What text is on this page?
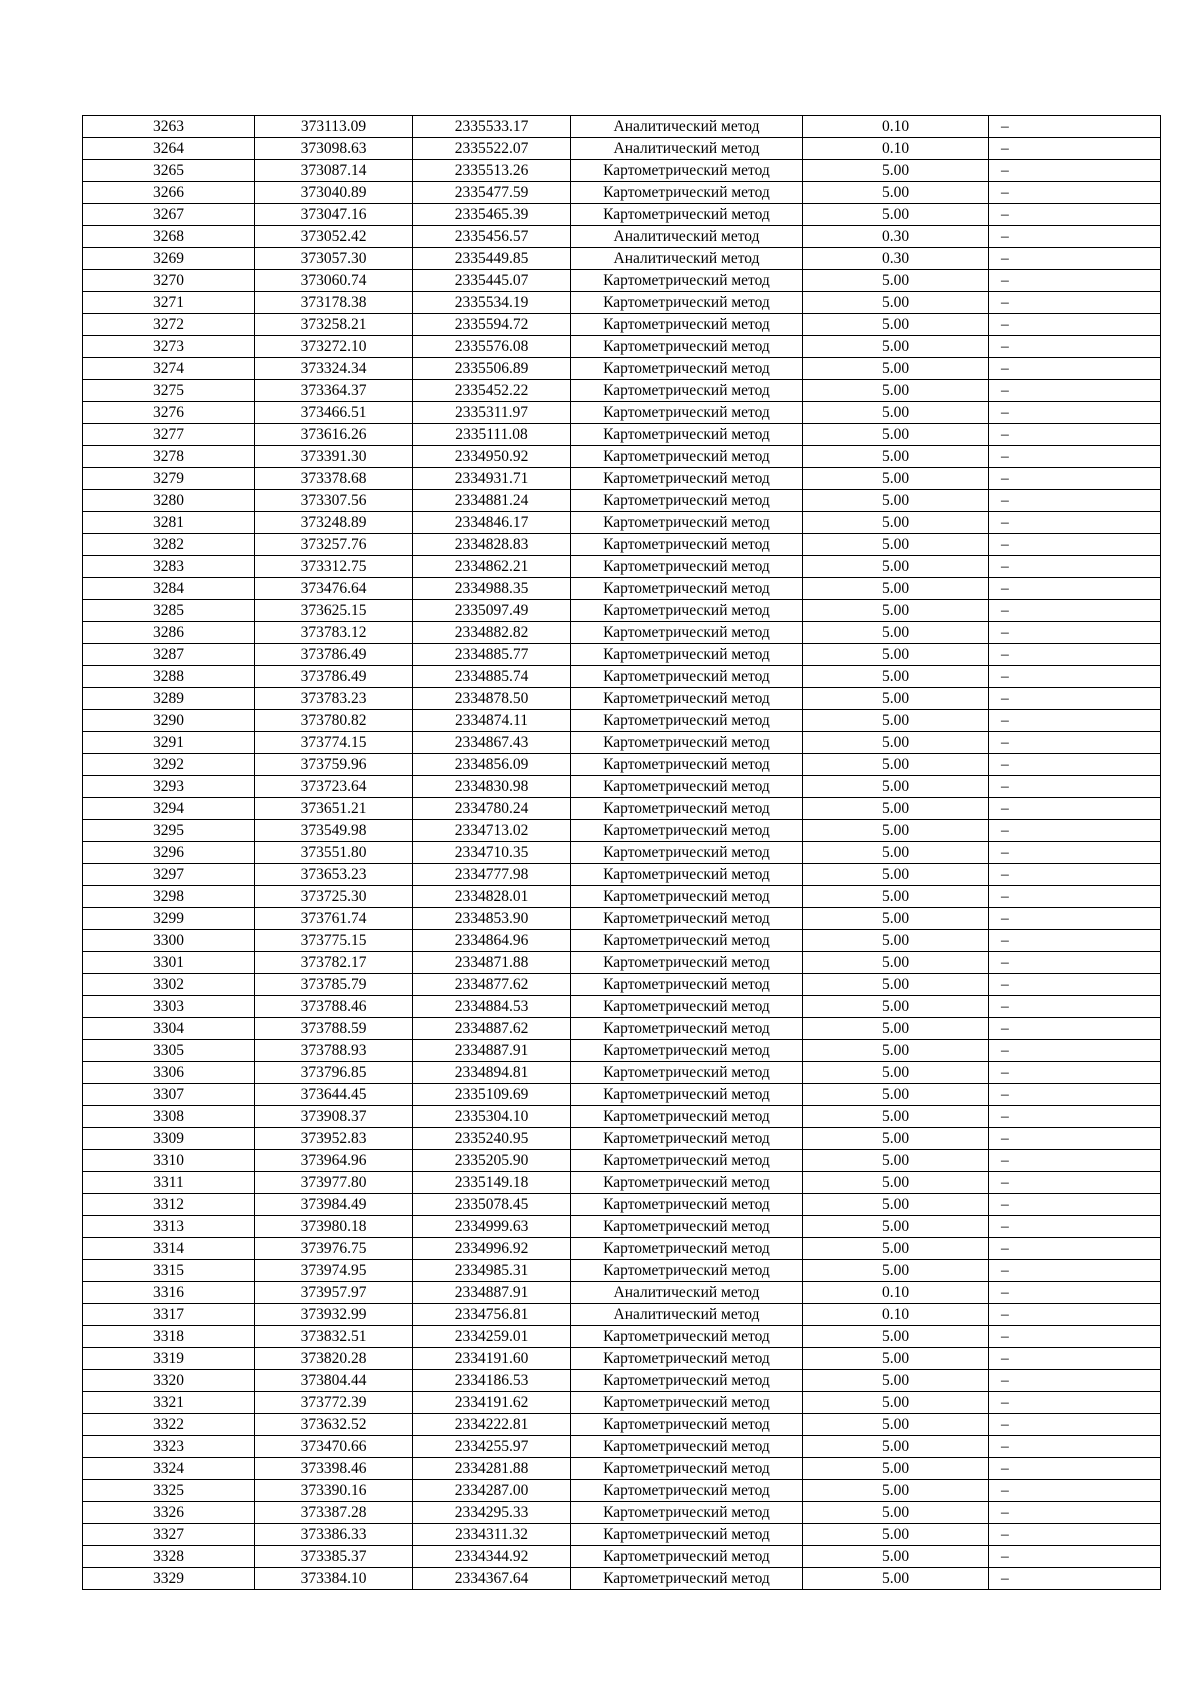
3263	373113.09	2335533.17	Аналитический метод	0.10	–
3264	373098.63	2335522.07	Аналитический метод	0.10	–
3265	373087.14	2335513.26	Картометрический метод	5.00	–
3266	373040.89	2335477.59	Картометрический метод	5.00	–
3267	373047.16	2335465.39	Картометрический метод	5.00	–
3268	373052.42	2335456.57	Аналитический метод	0.30	–
3269	373057.30	2335449.85	Аналитический метод	0.30	–
3270	373060.74	2335445.07	Картометрический метод	5.00	–
3271	373178.38	2335534.19	Картометрический метод	5.00	–
3272	373258.21	2335594.72	Картометрический метод	5.00	–
3273	373272.10	2335576.08	Картометрический метод	5.00	–
3274	373324.34	2335506.89	Картометрический метод	5.00	–
3275	373364.37	2335452.22	Картометрический метод	5.00	–
3276	373466.51	2335311.97	Картометрический метод	5.00	–
3277	373616.26	2335111.08	Картометрический метод	5.00	–
3278	373391.30	2334950.92	Картометрический метод	5.00	–
3279	373378.68	2334931.71	Картометрический метод	5.00	–
3280	373307.56	2334881.24	Картометрический метод	5.00	–
3281	373248.89	2334846.17	Картометрический метод	5.00	–
3282	373257.76	2334828.83	Картометрический метод	5.00	–
3283	373312.75	2334862.21	Картометрический метод	5.00	–
3284	373476.64	2334988.35	Картометрический метод	5.00	–
3285	373625.15	2335097.49	Картометрический метод	5.00	–
3286	373783.12	2334882.82	Картометрический метод	5.00	–
3287	373786.49	2334885.77	Картометрический метод	5.00	–
3288	373786.49	2334885.74	Картометрический метод	5.00	–
3289	373783.23	2334878.50	Картометрический метод	5.00	–
3290	373780.82	2334874.11	Картометрический метод	5.00	–
3291	373774.15	2334867.43	Картометрический метод	5.00	–
3292	373759.96	2334856.09	Картометрический метод	5.00	–
3293	373723.64	2334830.98	Картометрический метод	5.00	–
3294	373651.21	2334780.24	Картометрический метод	5.00	–
3295	373549.98	2334713.02	Картометрический метод	5.00	–
3296	373551.80	2334710.35	Картометрический метод	5.00	–
3297	373653.23	2334777.98	Картометрический метод	5.00	–
3298	373725.30	2334828.01	Картометрический метод	5.00	–
3299	373761.74	2334853.90	Картометрический метод	5.00	–
3300	373775.15	2334864.96	Картометрический метод	5.00	–
3301	373782.17	2334871.88	Картометрический метод	5.00	–
3302	373785.79	2334877.62	Картометрический метод	5.00	–
3303	373788.46	2334884.53	Картометрический метод	5.00	–
3304	373788.59	2334887.62	Картометрический метод	5.00	–
3305	373788.93	2334887.91	Картометрический метод	5.00	–
3306	373796.85	2334894.81	Картометрический метод	5.00	–
3307	373644.45	2335109.69	Картометрический метод	5.00	–
3308	373908.37	2335304.10	Картометрический метод	5.00	–
3309	373952.83	2335240.95	Картометрический метод	5.00	–
3310	373964.96	2335205.90	Картометрический метод	5.00	–
3311	373977.80	2335149.18	Картометрический метод	5.00	–
3312	373984.49	2335078.45	Картометрический метод	5.00	–
3313	373980.18	2334999.63	Картометрический метод	5.00	–
3314	373976.75	2334996.92	Картометрический метод	5.00	–
3315	373974.95	2334985.31	Картометрический метод	5.00	–
3316	373957.97	2334887.91	Аналитический метод	0.10	–
3317	373932.99	2334756.81	Аналитический метод	0.10	–
3318	373832.51	2334259.01	Картометрический метод	5.00	–
3319	373820.28	2334191.60	Картометрический метод	5.00	–
3320	373804.44	2334186.53	Картометрический метод	5.00	–
3321	373772.39	2334191.62	Картометрический метод	5.00	–
3322	373632.52	2334222.81	Картометрический метод	5.00	–
3323	373470.66	2334255.97	Картометрический метод	5.00	–
3324	373398.46	2334281.88	Картометрический метод	5.00	–
3325	373390.16	2334287.00	Картометрический метод	5.00	–
3326	373387.28	2334295.33	Картометрический метод	5.00	–
3327	373386.33	2334311.32	Картометрический метод	5.00	–
3328	373385.37	2334344.92	Картометрический метод	5.00	–
3329	373384.10	2334367.64	Картометрический метод	5.00	–
